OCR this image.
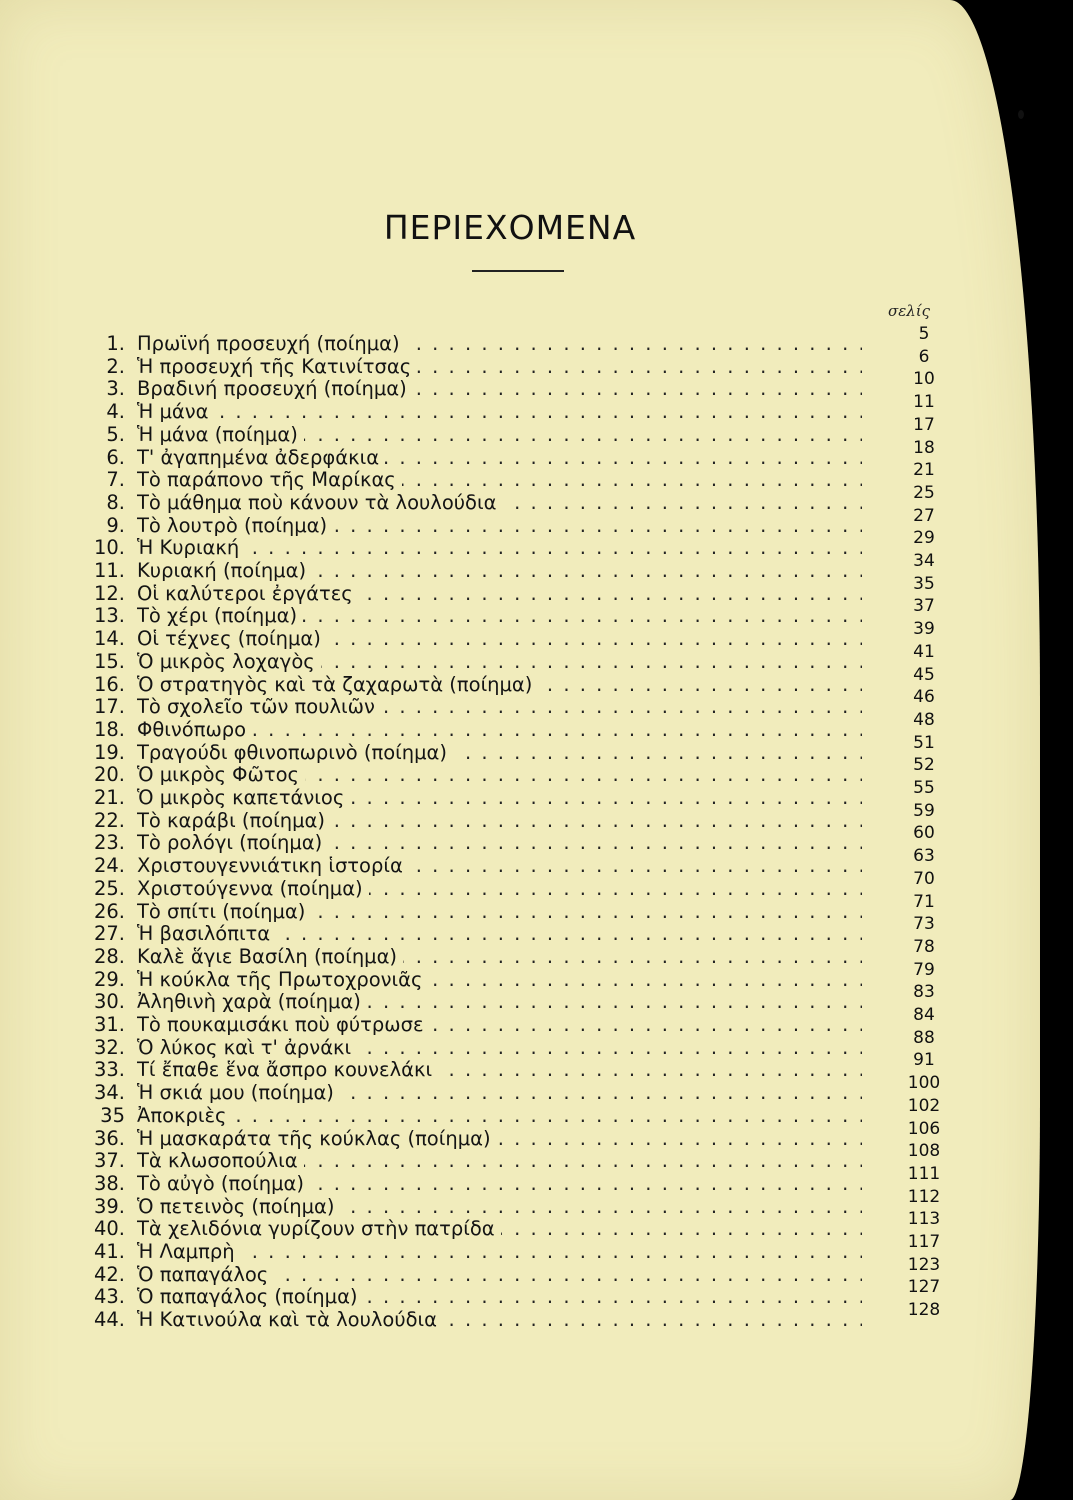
ΠΕΡΙΕΧΟΜΕΝΑ
σελίς
1. Πρωϊνή προσευχή (ποίημα) . . .	5
2. Ἡ προσευχή τῆς Κατινίτσας . . .	6
3. Βραδινή προσευχή (ποίημα) . . .	10
4. Ἡ μάνα . . .	11
5. Ἡ μάνα (ποίημα) . . .	17
6. Τ' ἀγαπημένα ἀδερφάκια . . .	18
7. Τὸ παράπονο τῆς Μαρίκας . . .	21
8. Τὸ μάθημα ποὺ κάνουν τὰ λουλούδια . . .	25
9. Τὸ λουτρὸ (ποίημα) . . .	27
10. Ἡ Κυριακή . . .	29
11. Κυριακή (ποίημα) . . .	34
12. Οἱ καλύτεροι ἐργάτες . . .	35
13. Τὸ χέρι (ποίημα) . . .	37
14. Οἱ τέχνες (ποίημα) . . .	39
15. Ὁ μικρὸς λοχαγὸς . . .	41
16. Ὁ στρατηγὸς καὶ τὰ ζαχαρωτὰ (ποίημα) . . .	45
17. Τὸ σχολεῖο τῶν πουλιῶν . . .	46
18. Φθινόπωρο . . .	48
19. Τραγούδι φθινοπωρινὸ (ποίημα) . . .	51
20. Ὁ μικρὸς Φῶτος . . .	52
21. Ὁ μικρὸς καπετάνιος . . .	55
22. Τὸ καράβι (ποίημα) . . .	59
23. Τὸ ρολόγι (ποίημα) . . .	60
24. Χριστουγεννιάτικη ἱστορία . . .	63
25. Χριστούγεννα (ποίημα) . . .	70
26. Τὸ σπίτι (ποίημα) . . .	71
27. Ἡ βασιλόπιτα . . .	73
28. Καλὲ ἅγιε Βασίλη (ποίημα) . . .	78
29. Ἡ κούκλα τῆς Πρωτοχρονιᾶς . . .	79
30. Ἀληθινὴ χαρὰ (ποίημα) . . .	83
31. Τὸ πουκαμισάκι ποὺ φύτρωσε . . .	84
32. Ὁ λύκος καὶ τ' ἀρνάκι . . .	88
33. Τί ἔπαθε ἕνα ἄσπρο κουνελάκι . . .	91
34. Ἡ σκιά μου (ποίημα) . . .	100
35 Ἀποκριὲς . . .	102
36. Ἡ μασκαράτα τῆς κούκλας (ποίημα) . . .	106
37. Τὰ κλωσοπούλια . . .	108
38. Τὸ αὐγὸ (ποίημα) . . .	111
39. Ὁ πετεινὸς (ποίημα) . . .	112
40. Τὰ χελιδόνια γυρίζουν στὴν πατρίδα . . .	113
41. Ἡ Λαμπρὴ . . .	117
42. Ὁ παπαγάλος . . .	123
43. Ὁ παπαγάλος (ποίημα) . . .	127
44. Ἡ Κατινούλα καὶ τὰ λουλούδια . . .	128
